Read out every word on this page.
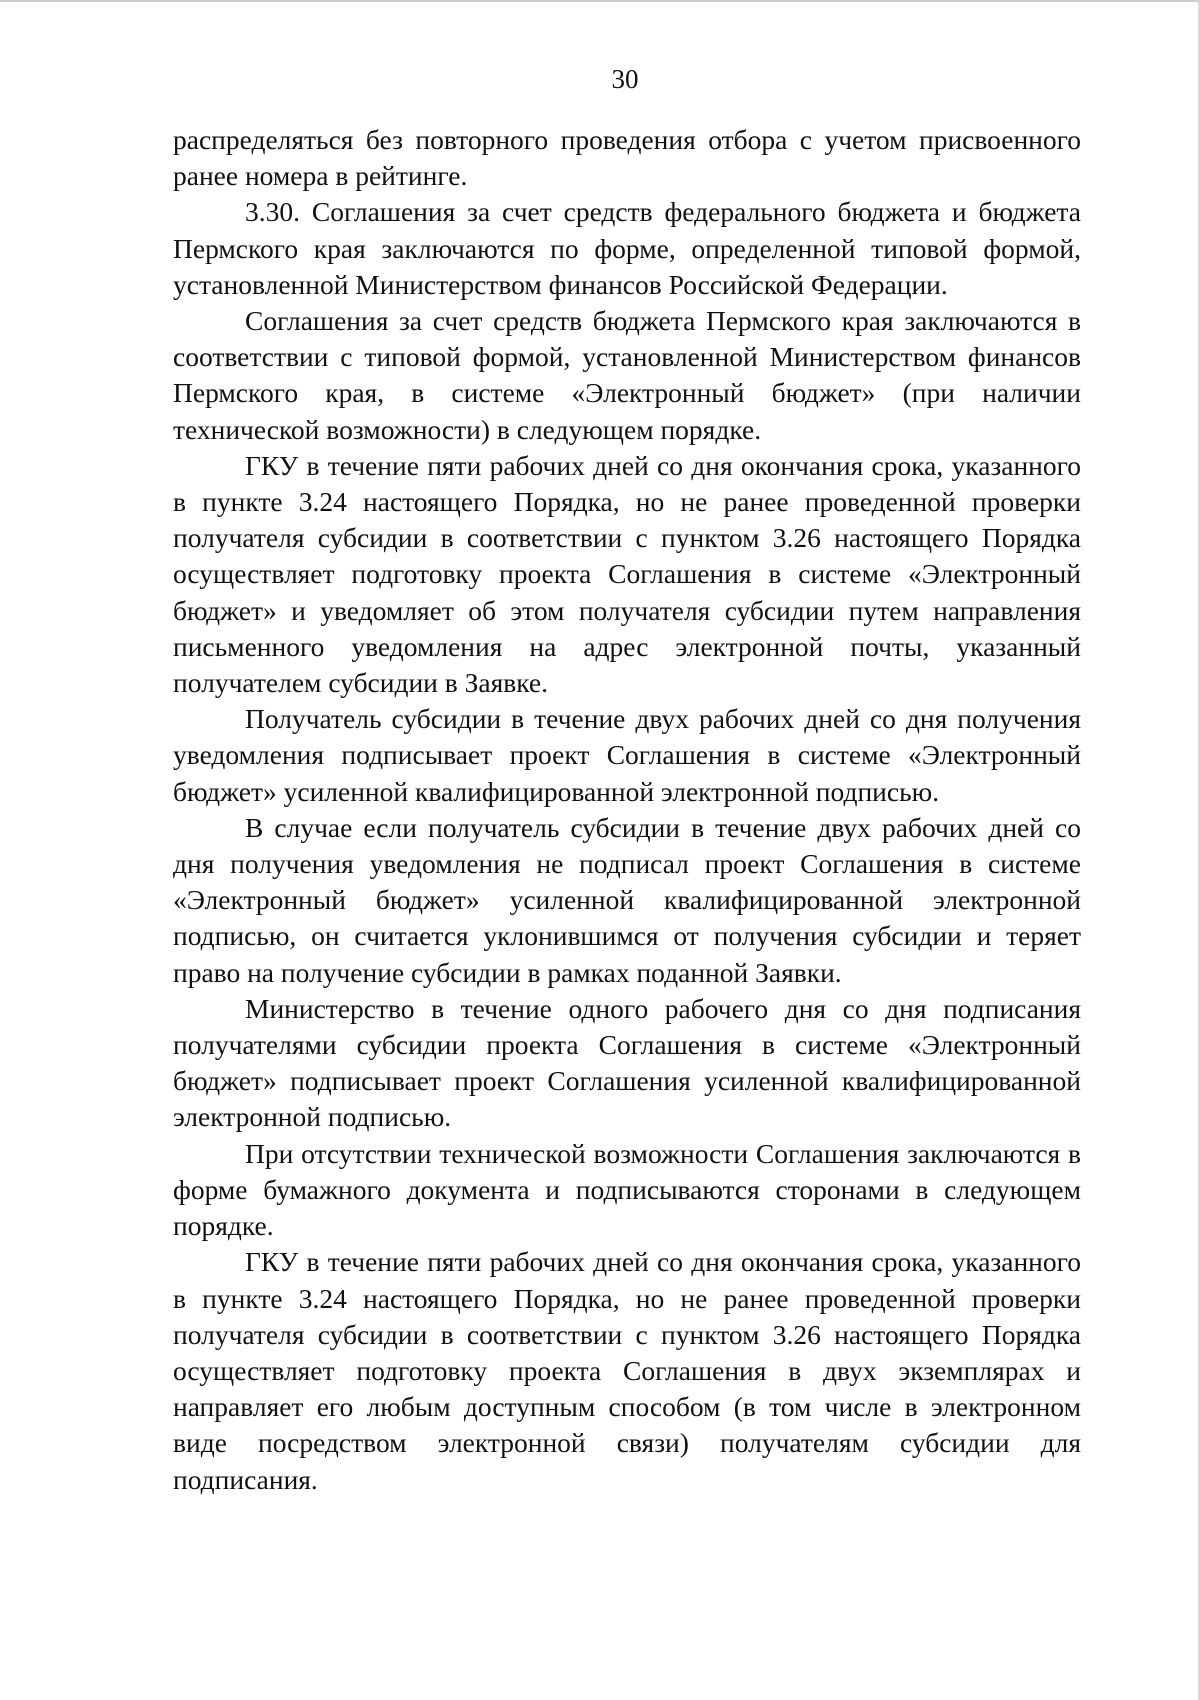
30

распределяться без повторного проведения отбора с учетом присвоенного ранее номера в рейтинге.

3.30. Соглашения за счет средств федерального бюджета и бюджета Пермского края заключаются по форме, определенной типовой формой, установленной Министерством финансов Российской Федерации.

Соглашения за счет средств бюджета Пермского края заключаются в соответствии с типовой формой, установленной Министерством финансов Пермского края, в системе «Электронный бюджет» (при наличии технической возможности) в следующем порядке.

ГКУ в течение пяти рабочих дней со дня окончания срока, указанного в пункте 3.24 настоящего Порядка, но не ранее проведенной проверки получателя субсидии в соответствии с пунктом 3.26 настоящего Порядка осуществляет подготовку проекта Соглашения в системе «Электронный бюджет» и уведомляет об этом получателя субсидии путем направления письменного уведомления на адрес электронной почты, указанный получателем субсидии в Заявке.

Получатель субсидии в течение двух рабочих дней со дня получения уведомления подписывает проект Соглашения в системе «Электронный бюджет» усиленной квалифицированной электронной подписью.

В случае если получатель субсидии в течение двух рабочих дней со дня получения уведомления не подписал проект Соглашения в системе «Электронный бюджет» усиленной квалифицированной электронной подписью, он считается уклонившимся от получения субсидии и теряет право на получение субсидии в рамках поданной Заявки.

Министерство в течение одного рабочего дня со дня подписания получателями субсидии проекта Соглашения в системе «Электронный бюджет» подписывает проект Соглашения усиленной квалифицированной электронной подписью.

При отсутствии технической возможности Соглашения заключаются в форме бумажного документа и подписываются сторонами в следующем порядке.

ГКУ в течение пяти рабочих дней со дня окончания срока, указанного в пункте 3.24 настоящего Порядка, но не ранее проведенной проверки получателя субсидии в соответствии с пунктом 3.26 настоящего Порядка осуществляет подготовку проекта Соглашения в двух экземплярах и направляет его любым доступным способом (в том числе в электронном виде посредством электронной связи) получателям субсидии для подписания.
